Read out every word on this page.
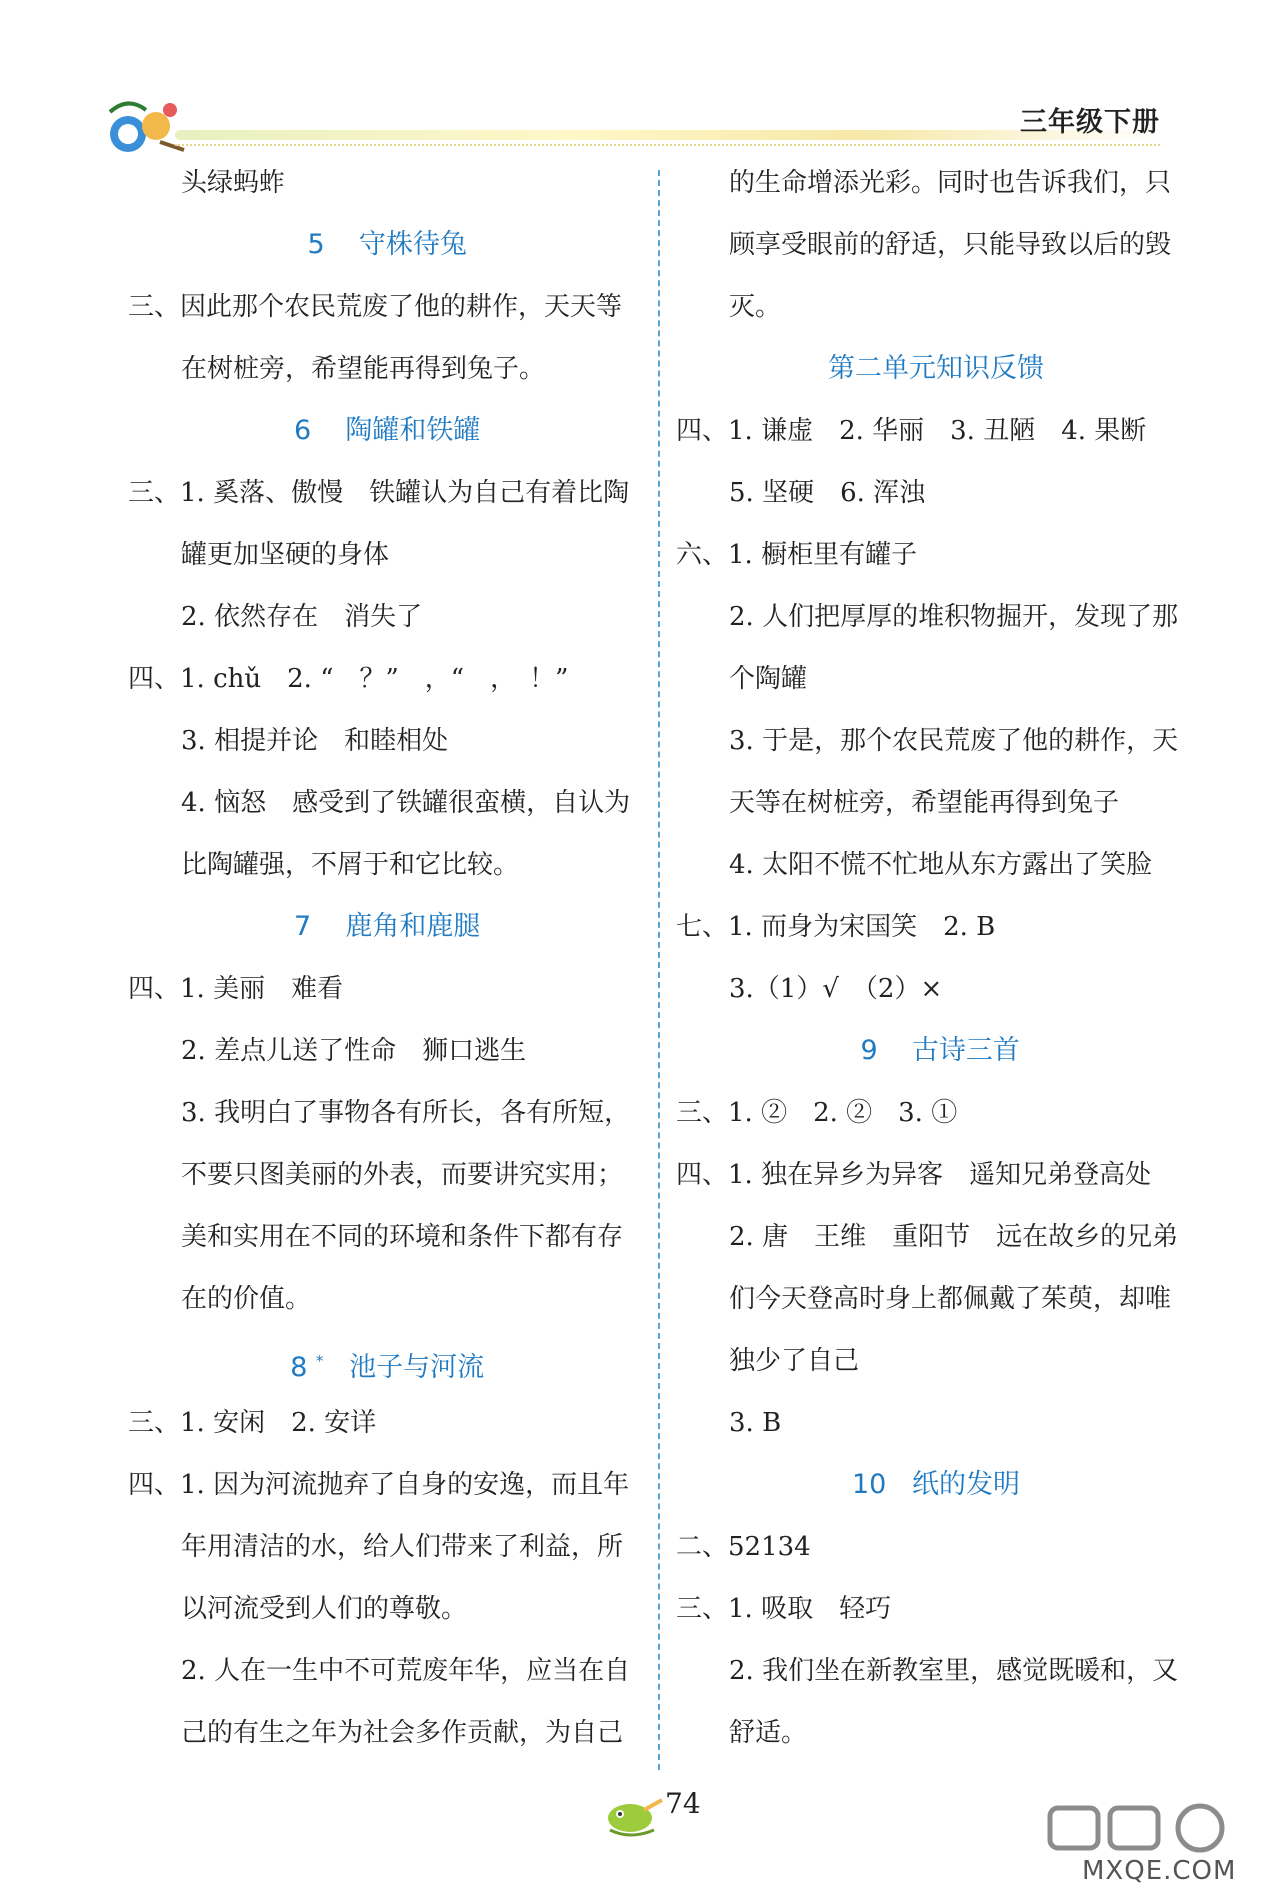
三年级下册
头绿蚂蚱
5 守株待兔
三、因此那个农民荒废了他的耕作，天天等
在树桩旁，希望能再得到兔子。
6 陶罐和铁罐
三、1. 奚落、傲慢　铁罐认为自己有着比陶
罐更加坚硬的身体
2. 依然存在　消失了
四、1. chǔ　2. “　？”　，“　，　！”
3. 相提并论　和睦相处
4. 恼怒　感受到了铁罐很蛮横，自认为
比陶罐强，不屑于和它比较。
7 鹿角和鹿腿
四、1. 美丽　难看
2. 差点儿送了性命　狮口逃生
3. 我明白了事物各有所长，各有所短，
不要只图美丽的外表，而要讲究实用；
美和实用在不同的环境和条件下都有存
在的价值。
8 * 池子与河流
三、1. 安闲　2. 安详
四、1. 因为河流抛弃了自身的安逸，而且年
年用清洁的水，给人们带来了利益，所
以河流受到人们的尊敬。
2. 人在一生中不可荒废年华，应当在自
己的有生之年为社会多作贡献，为自己
的生命增添光彩。同时也告诉我们，只
顾享受眼前的舒适，只能导致以后的毁
灭。
第二单元知识反馈
四、1. 谦虚　2. 华丽　3. 丑陋　4. 果断
5. 坚硬　6. 浑浊
六、1. 橱柜里有罐子
2. 人们把厚厚的堆积物掘开，发现了那
个陶罐
3. 于是，那个农民荒废了他的耕作，天
天等在树桩旁，希望能再得到兔子
4. 太阳不慌不忙地从东方露出了笑脸
七、1. 而身为宋国笑　2. B
3.（1）√　（2）×
9 古诗三首
三、1. ②　2. ②　3. ①
四、1. 独在异乡为异客　遥知兄弟登高处
2. 唐　王维　重阳节　远在故乡的兄弟
们今天登高时身上都佩戴了茱萸，却唯
独少了自己
3. B
10 纸的发明
二、52134
三、1. 吸取　轻巧
2. 我们坐在新教室里，感觉既暖和，又
舒适。
74
MXQE.COM
